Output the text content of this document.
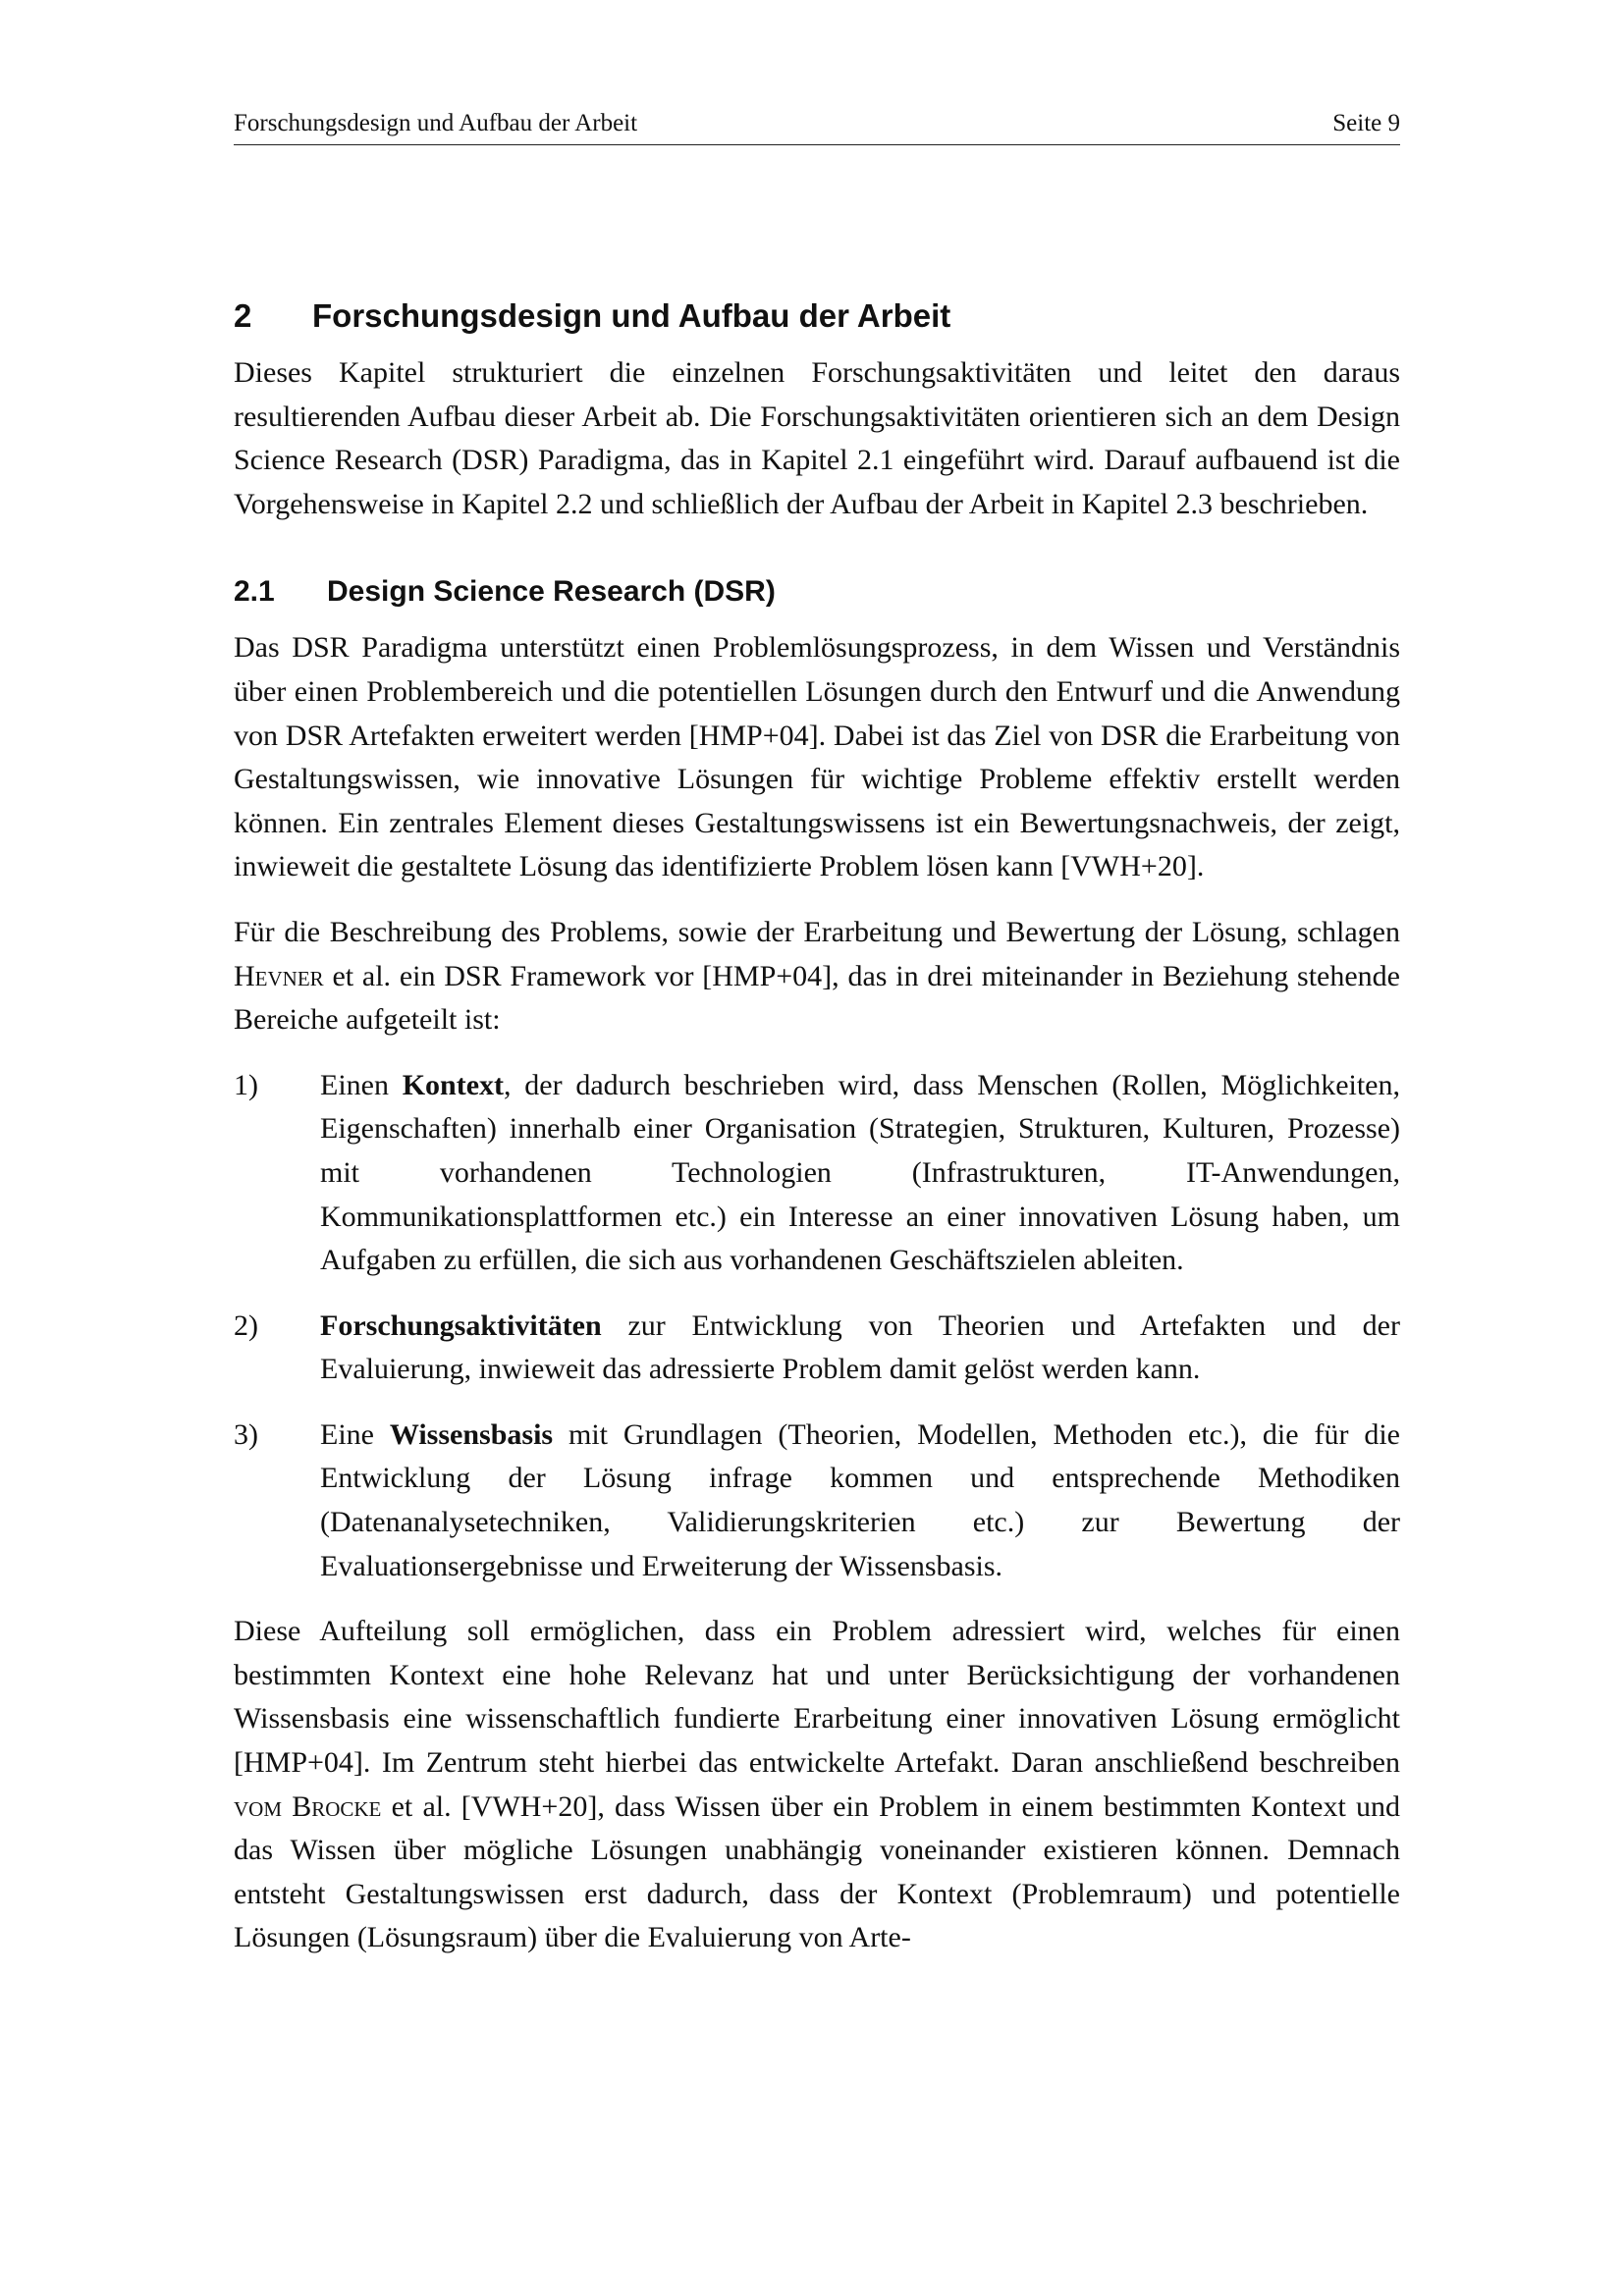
Forschungsdesign und Aufbau der Arbeit	Seite 9
2	Forschungsdesign und Aufbau der Arbeit

Dieses Kapitel strukturiert die einzelnen Forschungsaktivitäten und leitet den daraus resultierenden Aufbau dieser Arbeit ab. Die Forschungsaktivitäten orientieren sich an dem Design Science Research (DSR) Paradigma, das in Kapitel 2.1 eingeführt wird. Darauf aufbauend ist die Vorgehensweise in Kapitel 2.2 und schließlich der Aufbau der Arbeit in Kapitel 2.3 beschrieben.

2.1	Design Science Research (DSR)

Das DSR Paradigma unterstützt einen Problemlösungsprozess, in dem Wissen und Verständnis über einen Problembereich und die potentiellen Lösungen durch den Entwurf und die Anwendung von DSR Artefakten erweitert werden [HMP+04]. Dabei ist das Ziel von DSR die Erarbeitung von Gestaltungswissen, wie innovative Lösungen für wichtige Probleme effektiv erstellt werden können. Ein zentrales Element dieses Gestaltungswissens ist ein Bewertungsnachweis, der zeigt, inwieweit die gestaltete Lösung das identifizierte Problem lösen kann [VWH+20].

Für die Beschreibung des Problems, sowie der Erarbeitung und Bewertung der Lösung, schlagen Hevner et al. ein DSR Framework vor [HMP+04], das in drei miteinander in Beziehung stehende Bereiche aufgeteilt ist:

1)	Einen Kontext, der dadurch beschrieben wird, dass Menschen (Rollen, Möglichkeiten, Eigenschaften) innerhalb einer Organisation (Strategien, Strukturen, Kulturen, Prozesse) mit vorhandenen Technologien (Infrastrukturen, IT-Anwendungen, Kommunikationsplattformen etc.) ein Interesse an einer innovativen Lösung haben, um Aufgaben zu erfüllen, die sich aus vorhandenen Geschäftszielen ableiten.
2)	Forschungsaktivitäten zur Entwicklung von Theorien und Artefakten und der Evaluierung, inwieweit das adressierte Problem damit gelöst werden kann.
3)	Eine Wissensbasis mit Grundlagen (Theorien, Modellen, Methoden etc.), die für die Entwicklung der Lösung infrage kommen und entsprechende Methodiken (Datenanalysetechniken, Validierungskriterien etc.) zur Bewertung der Evaluationsergebnisse und Erweiterung der Wissensbasis.

Diese Aufteilung soll ermöglichen, dass ein Problem adressiert wird, welches für einen bestimmten Kontext eine hohe Relevanz hat und unter Berücksichtigung der vorhandenen Wissensbasis eine wissenschaftlich fundierte Erarbeitung einer innovativen Lösung ermöglicht [HMP+04]. Im Zentrum steht hierbei das entwickelte Artefakt. Daran anschließend beschreiben vom Brocke et al. [VWH+20], dass Wissen über ein Problem in einem bestimmten Kontext und das Wissen über mögliche Lösungen unabhängig voneinander existieren können. Demnach entsteht Gestaltungswissen erst dadurch, dass der Kontext (Problemraum) und potentielle Lösungen (Lösungsraum) über die Evaluierung von Arte-
